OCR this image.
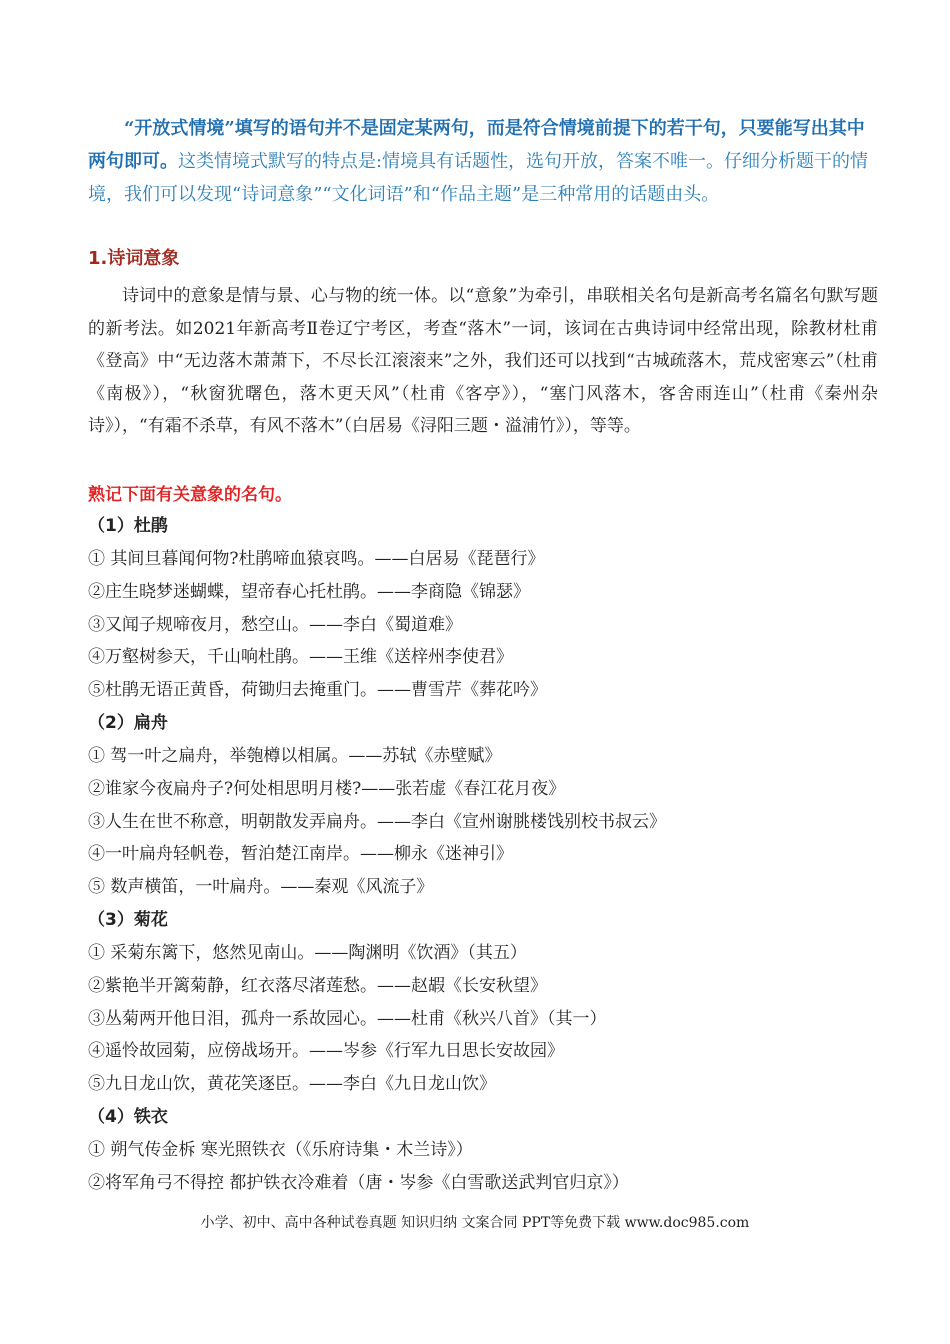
“开放式情境”填写的语句并不是固定某两句，而是符合情境前提下的若干句，只要能写出其中两句即可。这类情境式默写的特点是:情境具有话题性，选句开放，答案不唯一。仔细分析题干的情境，我们可以发现“诗词意象”“文化词语”和“作品主题”是三种常用的话题由头。

1.诗词意象

诗词中的意象是情与景、心与物的统一体。以“意象”为牵引，串联相关名句是新高考名篇名句默写题的新考法。如2021年新高考Ⅱ卷辽宁考区，考查“落木”一词，该词在古典诗词中经常出现，除教材杜甫《登高》中“无边落木萧萧下，不尽长江滚滚来”之外，我们还可以找到“古城疏落木，荒戍密寒云”（杜甫《南极》），“秋窗犹曙色，落木更天风”（杜甫《客亭》），“塞门风落木，客舍雨连山”（杜甫《秦州杂诗》），“有霜不杀草，有风不落木”（白居易《浔阳三题・溢浦竹》），等等。

熟记下面有关意象的名句。
（1）杜鹃
① 其间旦暮闻何物?杜鹃啼血猿哀鸣。——白居易《琵琶行》
②庄生晓梦迷蝴蝶，望帝春心托杜鹃。——李商隐《锦瑟》
③又闻子规啼夜月，愁空山。——李白《蜀道难》
④万壑树参天，千山响杜鹃。——王维《送梓州李使君》
⑤杜鹃无语正黄昏，荷锄归去掩重门。——曹雪芹《葬花吟》
（2）扁舟
① 驾一叶之扁舟，举匏樽以相属。——苏轼《赤壁赋》
②谁家今夜扁舟子?何处相思明月楼?——张若虚《春江花月夜》
③人生在世不称意，明朝散发弄扁舟。——李白《宣州谢朓楼饯别校书叔云》
④一叶扁舟轻帆卷，暂泊楚江南岸。——柳永《迷神引》
⑤ 数声横笛，一叶扁舟。——秦观《风流子》
（3）菊花
① 采菊东篱下，悠然见南山。——陶渊明《饮酒》（其五）
②紫艳半开篱菊静，红衣落尽渚莲愁。——赵嘏《长安秋望》
③丛菊两开他日泪，孤舟一系故园心。——杜甫《秋兴八首》（其一）
④遥怜故园菊，应傍战场开。——岑参《行军九日思长安故园》
⑤九日龙山饮，黄花笑逐臣。——李白《九日龙山饮》
（4）铁衣
① 朔气传金柝 寒光照铁衣（《乐府诗集・木兰诗》）
②将军角弓不得控 都护铁衣冷难着（唐・岑参《白雪歌送武判官归京》）
小学、初中、高中各种试卷真题 知识归纳 文案合同 PPT等免费下载 www.doc985.com
